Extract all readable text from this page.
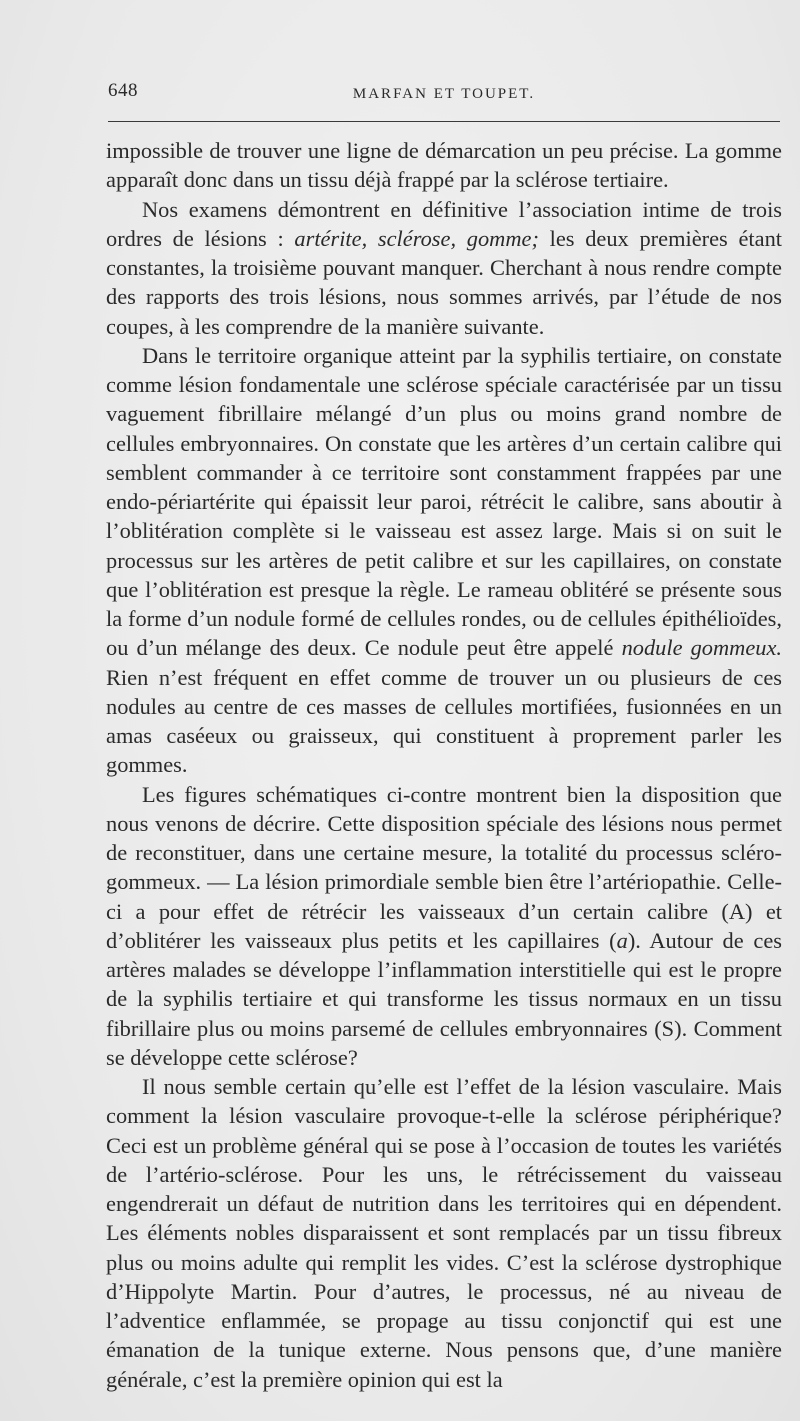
648	MARFAN ET TOUPET.

impossible de trouver une ligne de démarcation un peu précise. La gomme apparaît donc dans un tissu déjà frappé par la sclérose tertiaire.

Nos examens démontrent en définitive l’association intime de trois ordres de lésions : artérite, sclérose, gomme; les deux premières étant constantes, la troisième pouvant manquer. Cherchant à nous rendre compte des rapports des trois lésions, nous sommes arrivés, par l’étude de nos coupes, à les comprendre de la manière suivante.

Dans le territoire organique atteint par la syphilis tertiaire, on constate comme lésion fondamentale une sclérose spéciale caractérisée par un tissu vaguement fibrillaire mélangé d’un plus ou moins grand nombre de cellules embryonnaires. On constate que les artères d’un certain calibre qui semblent commander à ce territoire sont constamment frappées par une endo-périartérite qui épaissit leur paroi, rétrécit le calibre, sans aboutir à l’oblitération complète si le vaisseau est assez large. Mais si on suit le processus sur les artères de petit calibre et sur les capillaires, on constate que l’oblitération est presque la règle. Le rameau oblitéré se présente sous la forme d’un nodule formé de cellules rondes, ou de cellules épithélioïdes, ou d’un mélange des deux. Ce nodule peut être appelé nodule gommeux. Rien n’est fréquent en effet comme de trouver un ou plusieurs de ces nodules au centre de ces masses de cellules mortifiées, fusionnées en un amas caséeux ou graisseux, qui constituent à proprement parler les gommes.

Les figures schématiques ci-contre montrent bien la disposition que nous venons de décrire. Cette disposition spéciale des lésions nous permet de reconstituer, dans une certaine mesure, la totalité du processus scléro-gommeux. — La lésion primordiale semble bien être l’artériopathie. Celle-ci a pour effet de rétrécir les vaisseaux d’un certain calibre (A) et d’oblitérer les vaisseaux plus petits et les capillaires (a). Autour de ces artères malades se développe l’inflammation interstitielle qui est le propre de la syphilis tertiaire et qui transforme les tissus normaux en un tissu fibrillaire plus ou moins parsemé de cellules embryonnaires (S). Comment se développe cette sclérose?

Il nous semble certain qu’elle est l’effet de la lésion vasculaire. Mais comment la lésion vasculaire provoque-t-elle la sclérose périphérique? Ceci est un problème général qui se pose à l’occasion de toutes les variétés de l’artério-sclérose. Pour les uns, le rétrécissement du vaisseau engendrerait un défaut de nutrition dans les territoires qui en dépendent. Les éléments nobles disparaissent et sont remplacés par un tissu fibreux plus ou moins adulte qui remplit les vides. C’est la sclérose dystrophique d’Hippolyte Martin. Pour d’autres, le processus, né au niveau de l’adventice enflammée, se propage au tissu conjonctif qui est une émanation de la tunique externe. Nous pensons que, d’une manière générale, c’est la première opinion qui est la
